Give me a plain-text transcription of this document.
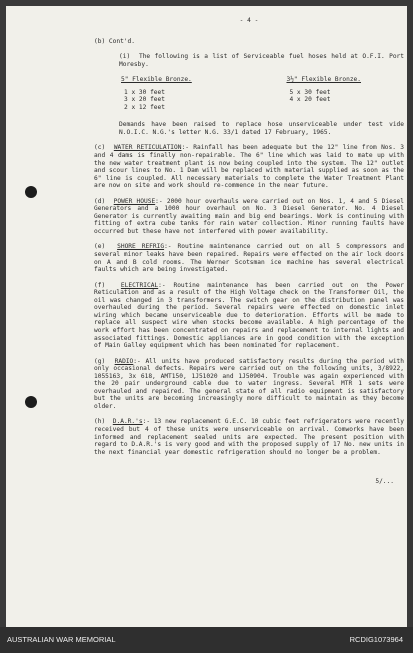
- 4 -
(b) Cont'd.
(i) The following is a list of Serviceable fuel hoses held at O.F.I. Port Moresby.
5" Flexible Bronze.
1 x 30 feet
3 x 20 feet
2 x 12 feet
3½" Flexible Bronze.
5 x 30 feet
4 x 20 feet
Demands have been raised to replace hose unserviceable under test vide N.O.I.C. N.G.'s letter N.G. 33/1 dated 17 February, 1965.
(c) WATER RETICULATION:- Rainfall has been adequate but the 12" line from Nos. 3 and 4 dams is finally non-repairable. The 6" line which was laid to mate up with the new water treatment plant is now being coupled into the system. The 12" outlet and scour lines to No. 1 Dam will be replaced with material supplied as soon as the 6" line is coupled. All necessary materials to complete the Water Treatment Plant are now on site and work should re-commence in the near future.
(d) POWER HOUSE:- 2000 hour overhauls were carried out on Nos. 1, 4 and 5 Diesel Generators and a 1000 hour overhaul on No. 3 Diesel Generator. No. 4 Diesel Generator is currently awaiting main and big end bearings. Work is continuing with fitting of extra cube tanks for rain water collection. Minor running faults have occurred but these have not interfered with power availability.
(e) SHORE REFRIG:- Routine maintenance carried out on all 5 compressors and several minor leaks have been repaired. Repairs were effected on the air lock doors on A and B cold rooms. The Werner Scotsman ice machine has several electrical faults which are being investigated.
(f)	ELECTRICAL:- Routine maintenance has been carried out on the Power Reticulation and as a result of the High Voltage check on the Transformer Oil, the oil was changed in 3 transformers. The switch gear on the distribution panel was overhauled during the period. Several repairs were effected on domestic inlet wiring which became unserviceable due to deterioration. Efforts will be made to replace all suspect wire when stocks become available. A high percentage of the work effort has been concentrated on repairs and replacement to internal lights and associated fittings. Domestic appliances are in good condition with the exception of Main Galley equipment which has been nominated for replacement.
(g) RADIO:- All units have produced satisfactory results during the period with only occasional defects. Repairs were carried out on the following units, 3/8922, 1055163, 3x 618, AMT150, 1J51020 and 1J50904. Trouble was again experienced with the 20 pair underground cable due to water ingress. Several MTR 1 sets were overhauled and repaired. The general state of all radio equipment is satisfactory but the units are becoming increasingly more difficult to maintain as they become older.
(h) D.A.R.'s:- 13 new replacement G.E.C. 10 cubic feet refrigerators were recently received but 4 of these units were unserviceable on arrival. Comworks have been informed and replacement sealed units are expected. The present position with regard to D.A.R.'s is very good and with the proposed supply of 17 No. new units in the next financial year domestic refrigeration should no longer be a problem.
5/...
AUSTRALIAN WAR MEMORIAL	RCDIG1073964
